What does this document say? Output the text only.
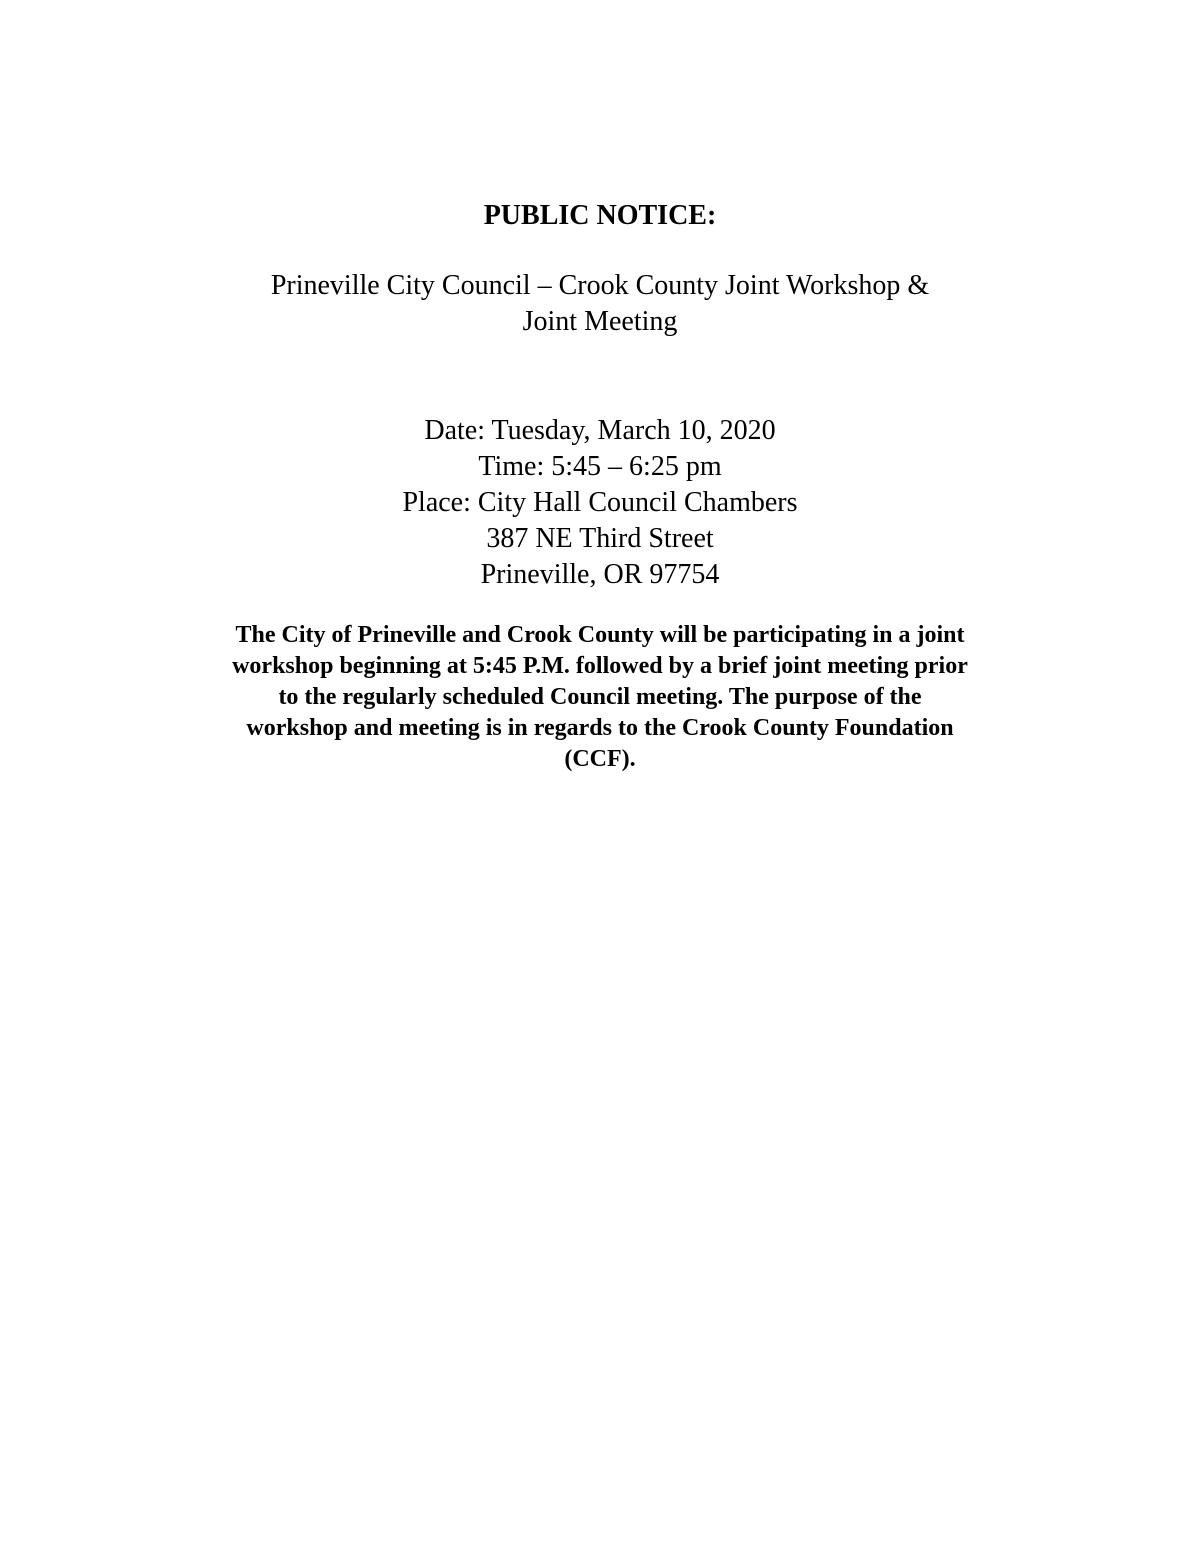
PUBLIC NOTICE:
Prineville City Council – Crook County Joint Workshop &
Joint Meeting
Date: Tuesday, March 10, 2020
Time: 5:45 – 6:25 pm
Place: City Hall Council Chambers
387 NE Third Street
Prineville, OR 97754
The City of Prineville and Crook County will be participating in a joint
workshop beginning at 5:45 P.M. followed by a brief joint meeting prior
to the regularly scheduled Council meeting. The purpose of the
workshop and meeting is in regards to the Crook County Foundation
(CCF).
